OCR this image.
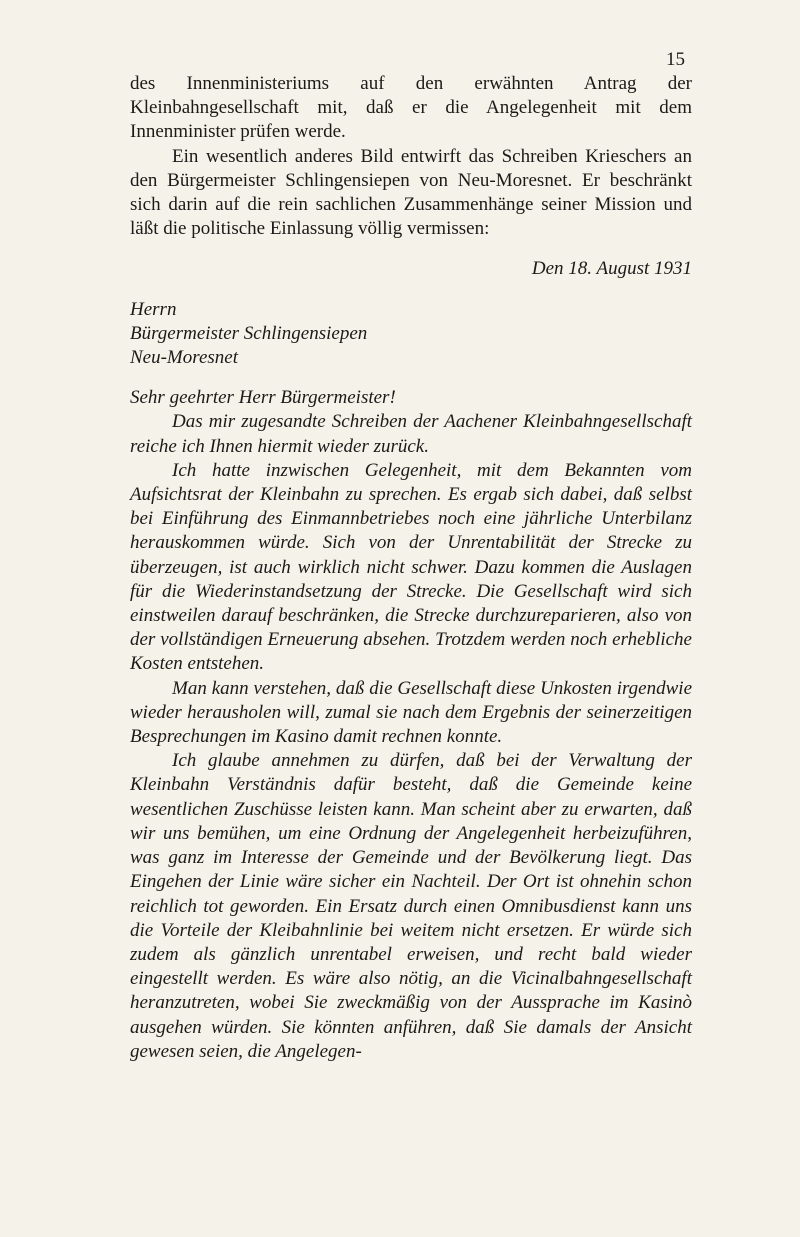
15

des Innenministeriums auf den erwähnten Antrag der Kleinbahngesellschaft mit, daß er die Angelegenheit mit dem Innenminister prüfen werde.

Ein wesentlich anderes Bild entwirft das Schreiben Krieschers an den Bürgermeister Schlingensiepen von Neu-Moresnet. Er beschränkt sich darin auf die rein sachlichen Zusammenhänge seiner Mission und läßt die politische Einlassung völlig vermissen:

Den 18. August 1931

Herrn
Bürgermeister Schlingensiepen
Neu-Moresnet

Sehr geehrter Herr Bürgermeister!

Das mir zugesandte Schreiben der Aachener Kleinbahngesellschaft reiche ich Ihnen hiermit wieder zurück.

Ich hatte inzwischen Gelegenheit, mit dem Bekannten vom Aufsichtsrat der Kleinbahn zu sprechen. Es ergab sich dabei, daß selbst bei Einführung des Einmannbetriebes noch eine jährliche Unterbilanz herauskommen würde. Sich von der Unrentabilität der Strecke zu überzeugen, ist auch wirklich nicht schwer. Dazu kommen die Auslagen für die Wiederinstandsetzung der Strecke. Die Gesellschaft wird sich einstweilen darauf beschränken, die Strecke durchzureparieren, also von der vollständigen Erneuerung absehen. Trotzdem werden noch erhebliche Kosten entstehen.

Man kann verstehen, daß die Gesellschaft diese Unkosten irgendwie wieder herausholen will, zumal sie nach dem Ergebnis der seinerzeitigen Besprechungen im Kasino damit rechnen konnte.

Ich glaube annehmen zu dürfen, daß bei der Verwaltung der Kleinbahn Verständnis dafür besteht, daß die Gemeinde keine wesentlichen Zuschüsse leisten kann. Man scheint aber zu erwarten, daß wir uns bemühen, um eine Ordnung der Angelegenheit herbeizuführen, was ganz im Interesse der Gemeinde und der Bevölkerung liegt. Das Eingehen der Linie wäre sicher ein Nachteil. Der Ort ist ohnehin schon reichlich tot geworden. Ein Ersatz durch einen Omnibusdienst kann uns die Vorteile der Kleibahnlinie bei weitem nicht ersetzen. Er würde sich zudem als gänzlich unrentabel erweisen, und recht bald wieder eingestellt werden. Es wäre also nötig, an die Vicinalbahngesellschaft heranzutreten, wobei Sie zweckmäßig von der Aussprache im Kasinò ausgehen würden. Sie könnten anführen, daß Sie damals der Ansicht gewesen seien, die Angelegen-
